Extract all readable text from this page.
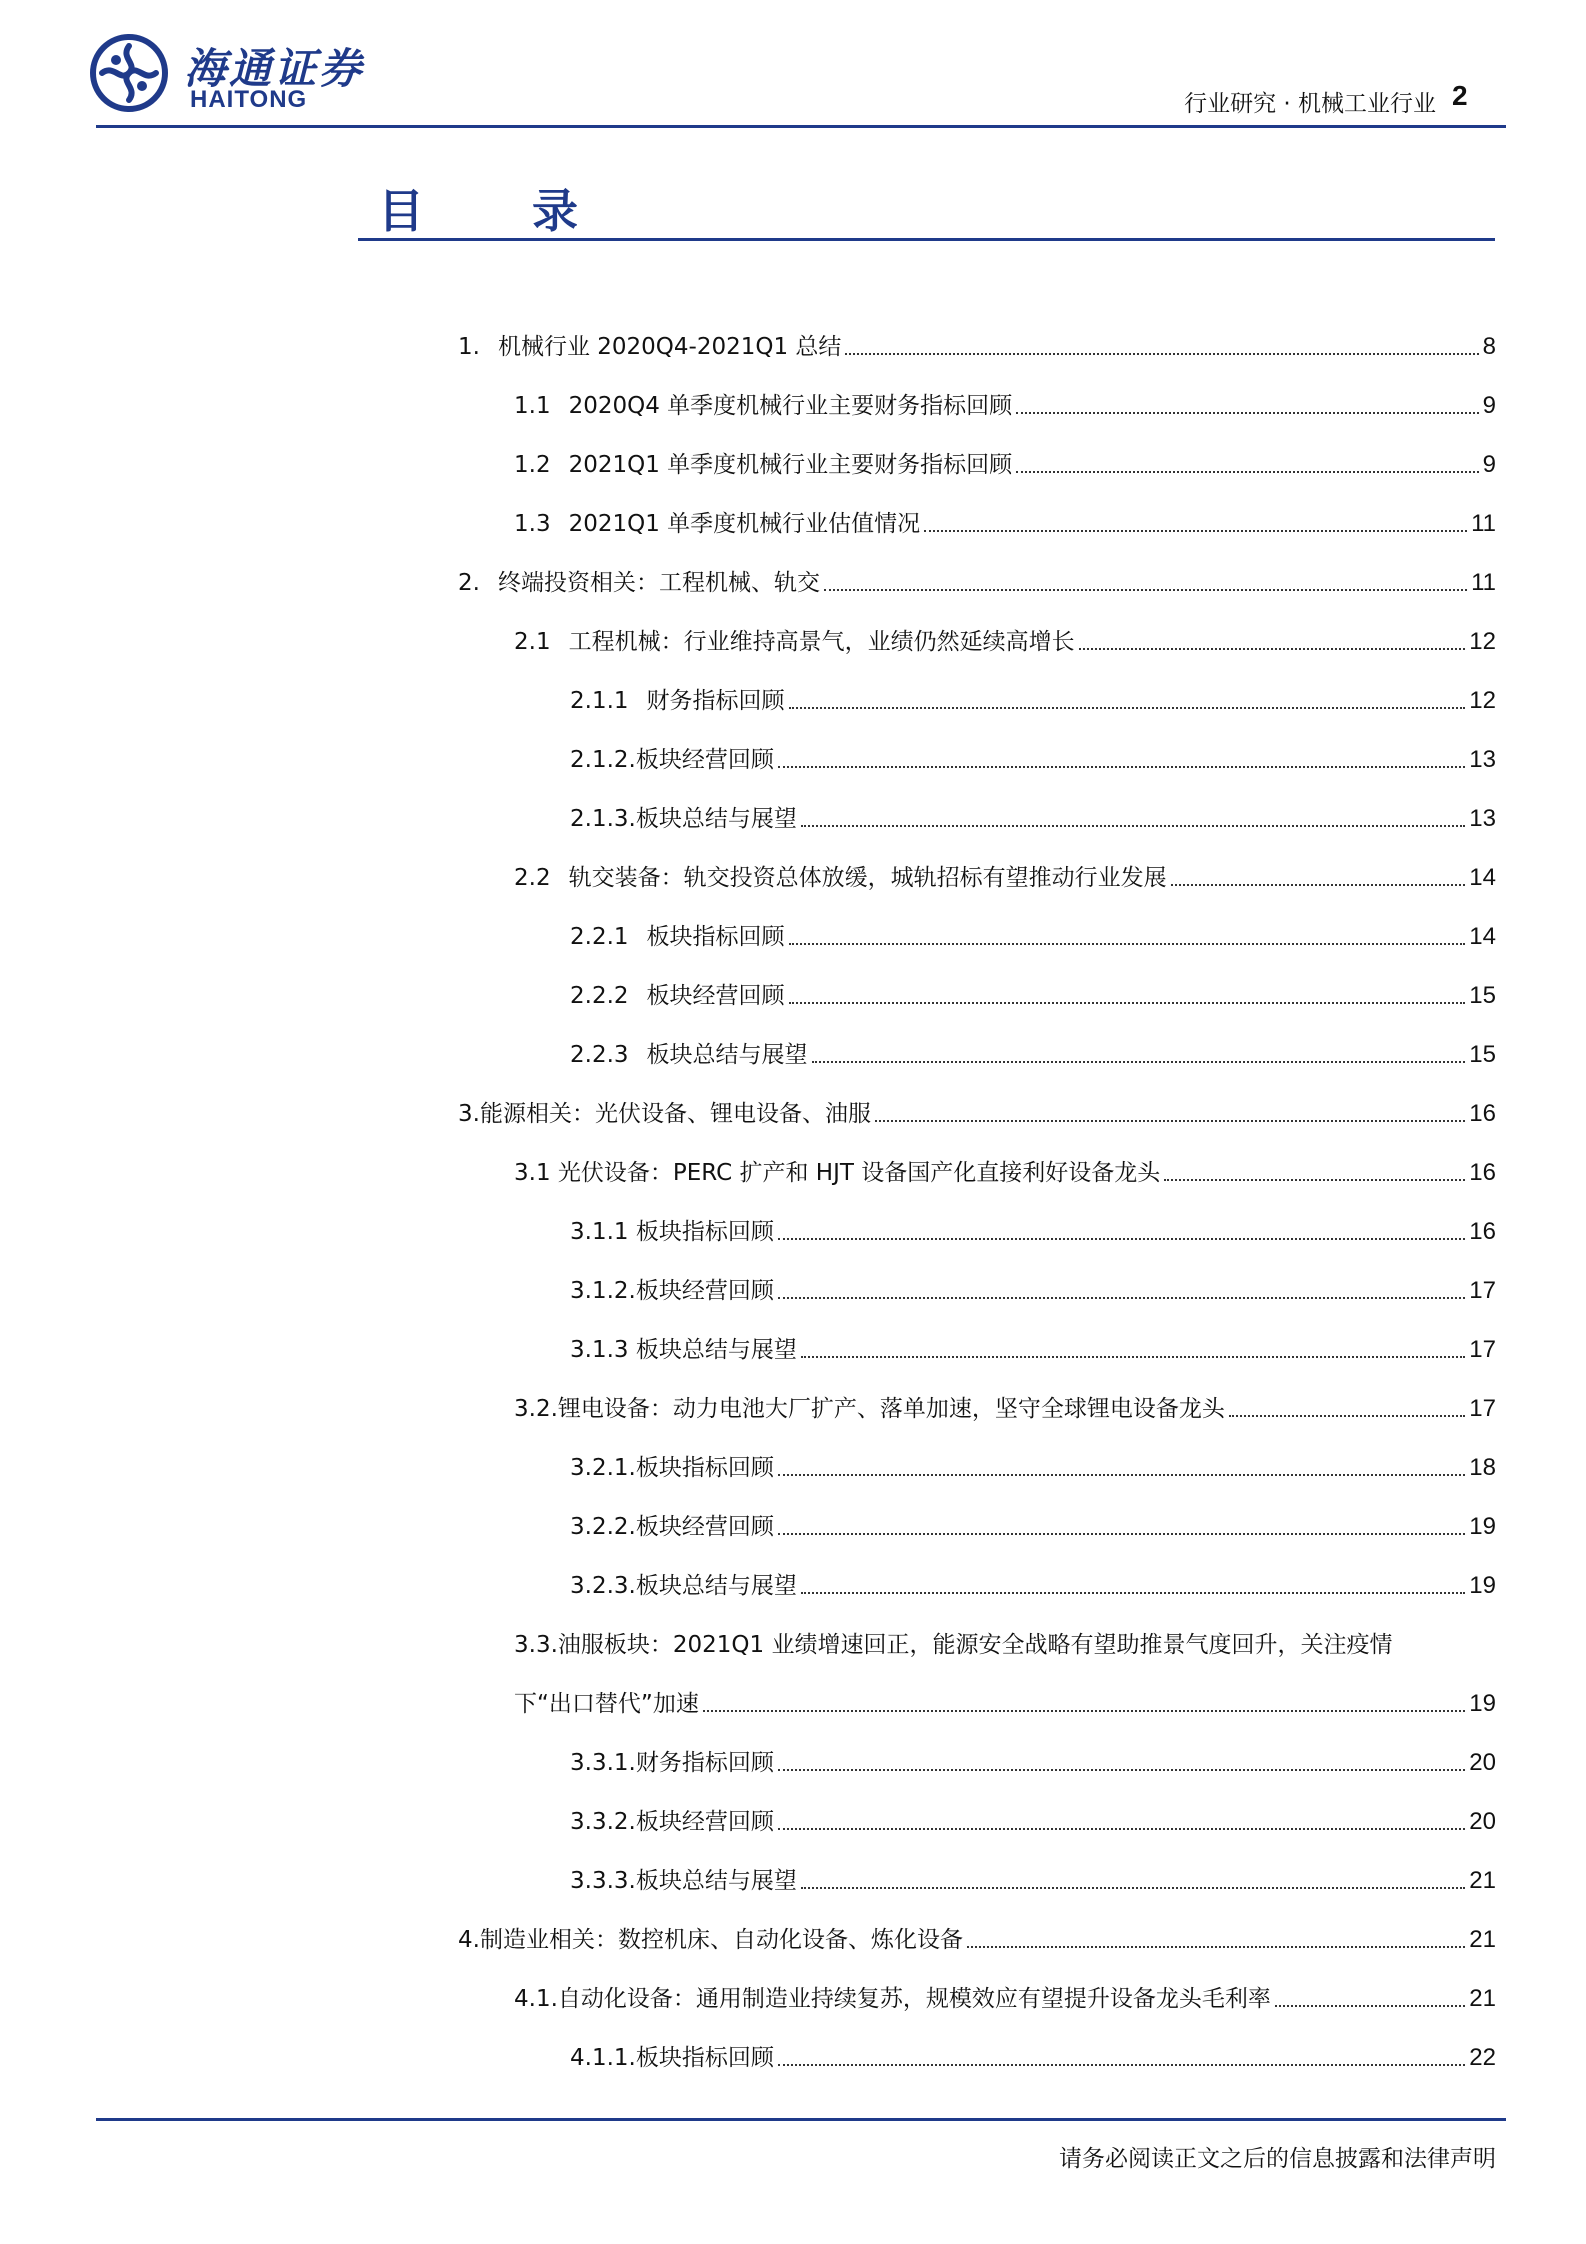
海通证券
HAITONG	行业研究 · 机械工业行业 2
目 录
1. 机械行业 2020Q4-2021Q1 总结	8
1.1 2020Q4 单季度机械行业主要财务指标回顾	9
1.2 2021Q1 单季度机械行业主要财务指标回顾	9
1.3 2021Q1 单季度机械行业估值情况	11
2. 终端投资相关：工程机械、轨交	11
2.1 工程机械：行业维持高景气，业绩仍然延续高增长	12
2.1.1 财务指标回顾	12
2.1.2.板块经营回顾	13
2.1.3.板块总结与展望	13
2.2 轨交装备：轨交投资总体放缓，城轨招标有望推动行业发展	14
2.2.1 板块指标回顾	14
2.2.2 板块经营回顾	15
2.2.3 板块总结与展望	15
3.能源相关：光伏设备、锂电设备、油服	16
3.1 光伏设备：PERC 扩产和 HJT 设备国产化直接利好设备龙头	16
3.1.1 板块指标回顾	16
3.1.2.板块经营回顾	17
3.1.3 板块总结与展望	17
3.2.锂电设备：动力电池大厂扩产、落单加速，坚守全球锂电设备龙头	17
3.2.1.板块指标回顾	18
3.2.2.板块经营回顾	19
3.2.3.板块总结与展望	19
3.3.油服板块：2021Q1 业绩增速回正，能源安全战略有望助推景气度回升，关注疫情
下“出口替代”加速	19
3.3.1.财务指标回顾	20
3.3.2.板块经营回顾	20
3.3.3.板块总结与展望	21
4.制造业相关：数控机床、自动化设备、炼化设备	21
4.1.自动化设备：通用制造业持续复苏，规模效应有望提升设备龙头毛利率	21
4.1.1.板块指标回顾	22
请务必阅读正文之后的信息披露和法律声明
